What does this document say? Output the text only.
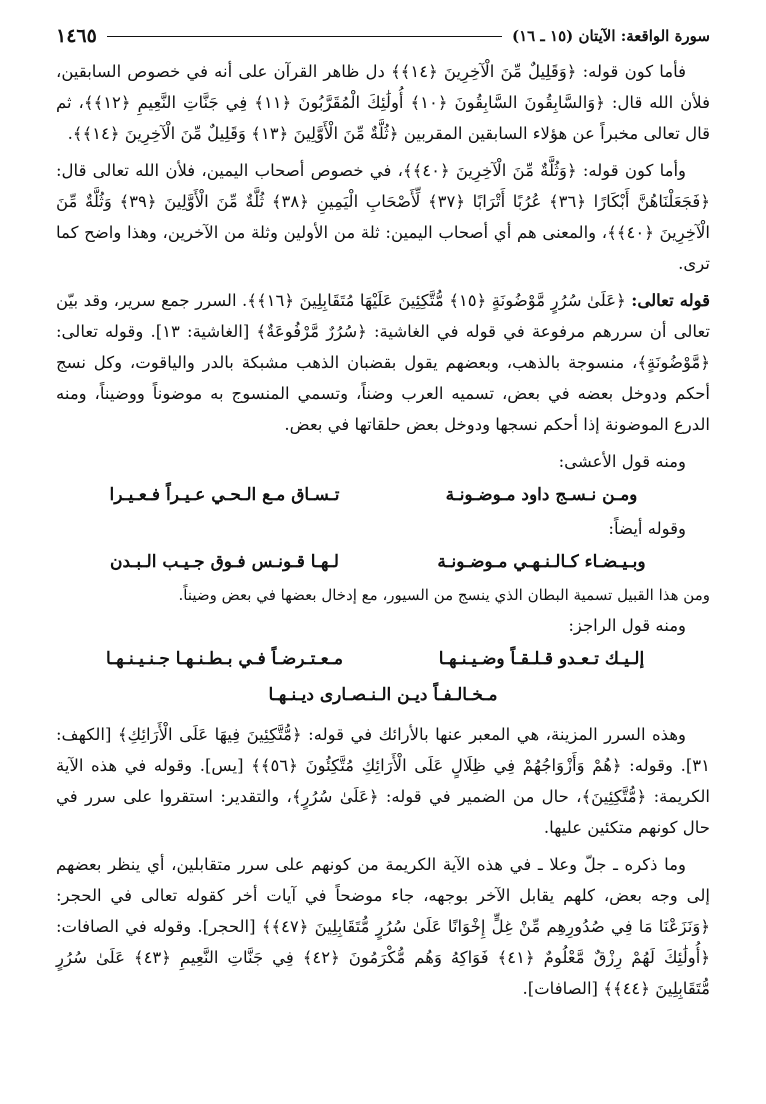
سورة الواقعة: الآيتان (١٥ ـ ١٦)
١٤٦٥

فأما كون قوله: ﴿وَقَلِيلٌ مِّنَ الْآخِرِينَ ﴿١٤﴾﴾ دل ظاهر القرآن على أنه في خصوص السابقين، فلأن الله قال: ﴿وَالسَّابِقُونَ السَّابِقُونَ ﴿١٠﴾ أُولَٰئِكَ الْمُقَرَّبُونَ ﴿١١﴾ فِي جَنَّاتِ النَّعِيمِ ﴿١٢﴾﴾، ثم قال تعالى مخبراً عن هؤلاء السابقين المقربين ﴿ثُلَّةٌ مِّنَ الْأَوَّلِينَ ﴿١٣﴾ وَقَلِيلٌ مِّنَ الْآخِرِينَ ﴿١٤﴾﴾.

وأما كون قوله: ﴿وَثُلَّةٌ مِّنَ الْآخِرِينَ ﴿٤٠﴾﴾، في خصوص أصحاب اليمين، فلأن الله تعالى قال: ﴿فَجَعَلْنَاهُنَّ أَبْكَارًا ﴿٣٦﴾ عُرُبًا أَتْرَابًا ﴿٣٧﴾ لِّأَصْحَابِ الْيَمِينِ ﴿٣٨﴾ ثُلَّةٌ مِّنَ الْأَوَّلِينَ ﴿٣٩﴾ وَثُلَّةٌ مِّنَ الْآخِرِينَ ﴿٤٠﴾﴾، والمعنى هم أي أصحاب اليمين: ثلة من الأولين وثلة من الآخرين، وهذا واضح كما ترى.

قوله تعالى: ﴿عَلَىٰ سُرُرٍ مَّوْضُونَةٍ ﴿١٥﴾ مُّتَّكِئِينَ عَلَيْهَا مُتَقَابِلِينَ ﴿١٦﴾﴾. السرر جمع سرير، وقد بيّن تعالى أن سررهم مرفوعة في قوله في الغاشية: ﴿سُرُرٌ مَّرْفُوعَةٌ﴾ [الغاشية: ١٣]. وقوله تعالى: ﴿مَّوْضُونَةٍ﴾، منسوجة بالذهب، وبعضهم يقول بقضبان الذهب مشبكة بالدر والياقوت، وكل نسج أحكم ودوخل بعضه في بعض، تسميه العرب وضناً، وتسمي المنسوج به موضوناً ووضيناً، ومنه الدرع الموضونة إذا أحكم نسجها ودوخل بعض حلقاتها في بعض.

ومنه قول الأعشى:

ومـن نـسـج داود مـوضـونـة
تـسـاق مـع الـحـي عـيـراً فـعـيـرا

وقوله أيضاً:

وبـيـضـاء كـالـنـهـي مـوضـونـة
لـهـا قـونـس فـوق جـيـب الـبـدن

ومن هذا القبيل تسمية البطان الذي ينسج من السيور، مع إدخال بعضها في بعض وضيناً.

ومنه قول الراجز:

إلـيـك تـعـدو قـلـقـاً وضـيـنـهـا
مـعـتـرضـاً فـي بـطـنـهـا جـنـيـنـهـا
مـخـالـفـاً ديـن الـنـصـارى ديـنـهـا

وهذه السرر المزينة، هي المعبر عنها بالأرائك في قوله: ﴿مُّتَّكِئِينَ فِيهَا عَلَى الْأَرَائِكِ﴾ [الكهف: ٣١]. وقوله: ﴿هُمْ وَأَزْوَاجُهُمْ فِي ظِلَالٍ عَلَى الْأَرَائِكِ مُتَّكِئُونَ ﴿٥٦﴾﴾ [يس]. وقوله في هذه الآية الكريمة: ﴿مُّتَّكِئِينَ﴾، حال من الضمير في قوله: ﴿عَلَىٰ سُرُرٍ﴾، والتقدير: استقروا على سرر في حال كونهم متكئين عليها.

وما ذكره ـ جلّ وعلا ـ في هذه الآية الكريمة من كونهم على سرر متقابلين، أي ينظر بعضهم إلى وجه بعض، كلهم يقابل الآخر بوجهه، جاء موضحاً في آيات أخر كقوله تعالى في الحجر: ﴿وَنَزَعْنَا مَا فِي صُدُورِهِم مِّنْ غِلٍّ إِخْوَانًا عَلَىٰ سُرُرٍ مُّتَقَابِلِينَ ﴿٤٧﴾﴾ [الحجر]. وقوله في الصافات: ﴿أُولَٰئِكَ لَهُمْ رِزْقٌ مَّعْلُومٌ ﴿٤١﴾ فَوَاكِهُ وَهُم مُّكْرَمُونَ ﴿٤٢﴾ فِي جَنَّاتِ النَّعِيمِ ﴿٤٣﴾ عَلَىٰ سُرُرٍ مُّتَقَابِلِينَ ﴿٤٤﴾﴾ [الصافات].
